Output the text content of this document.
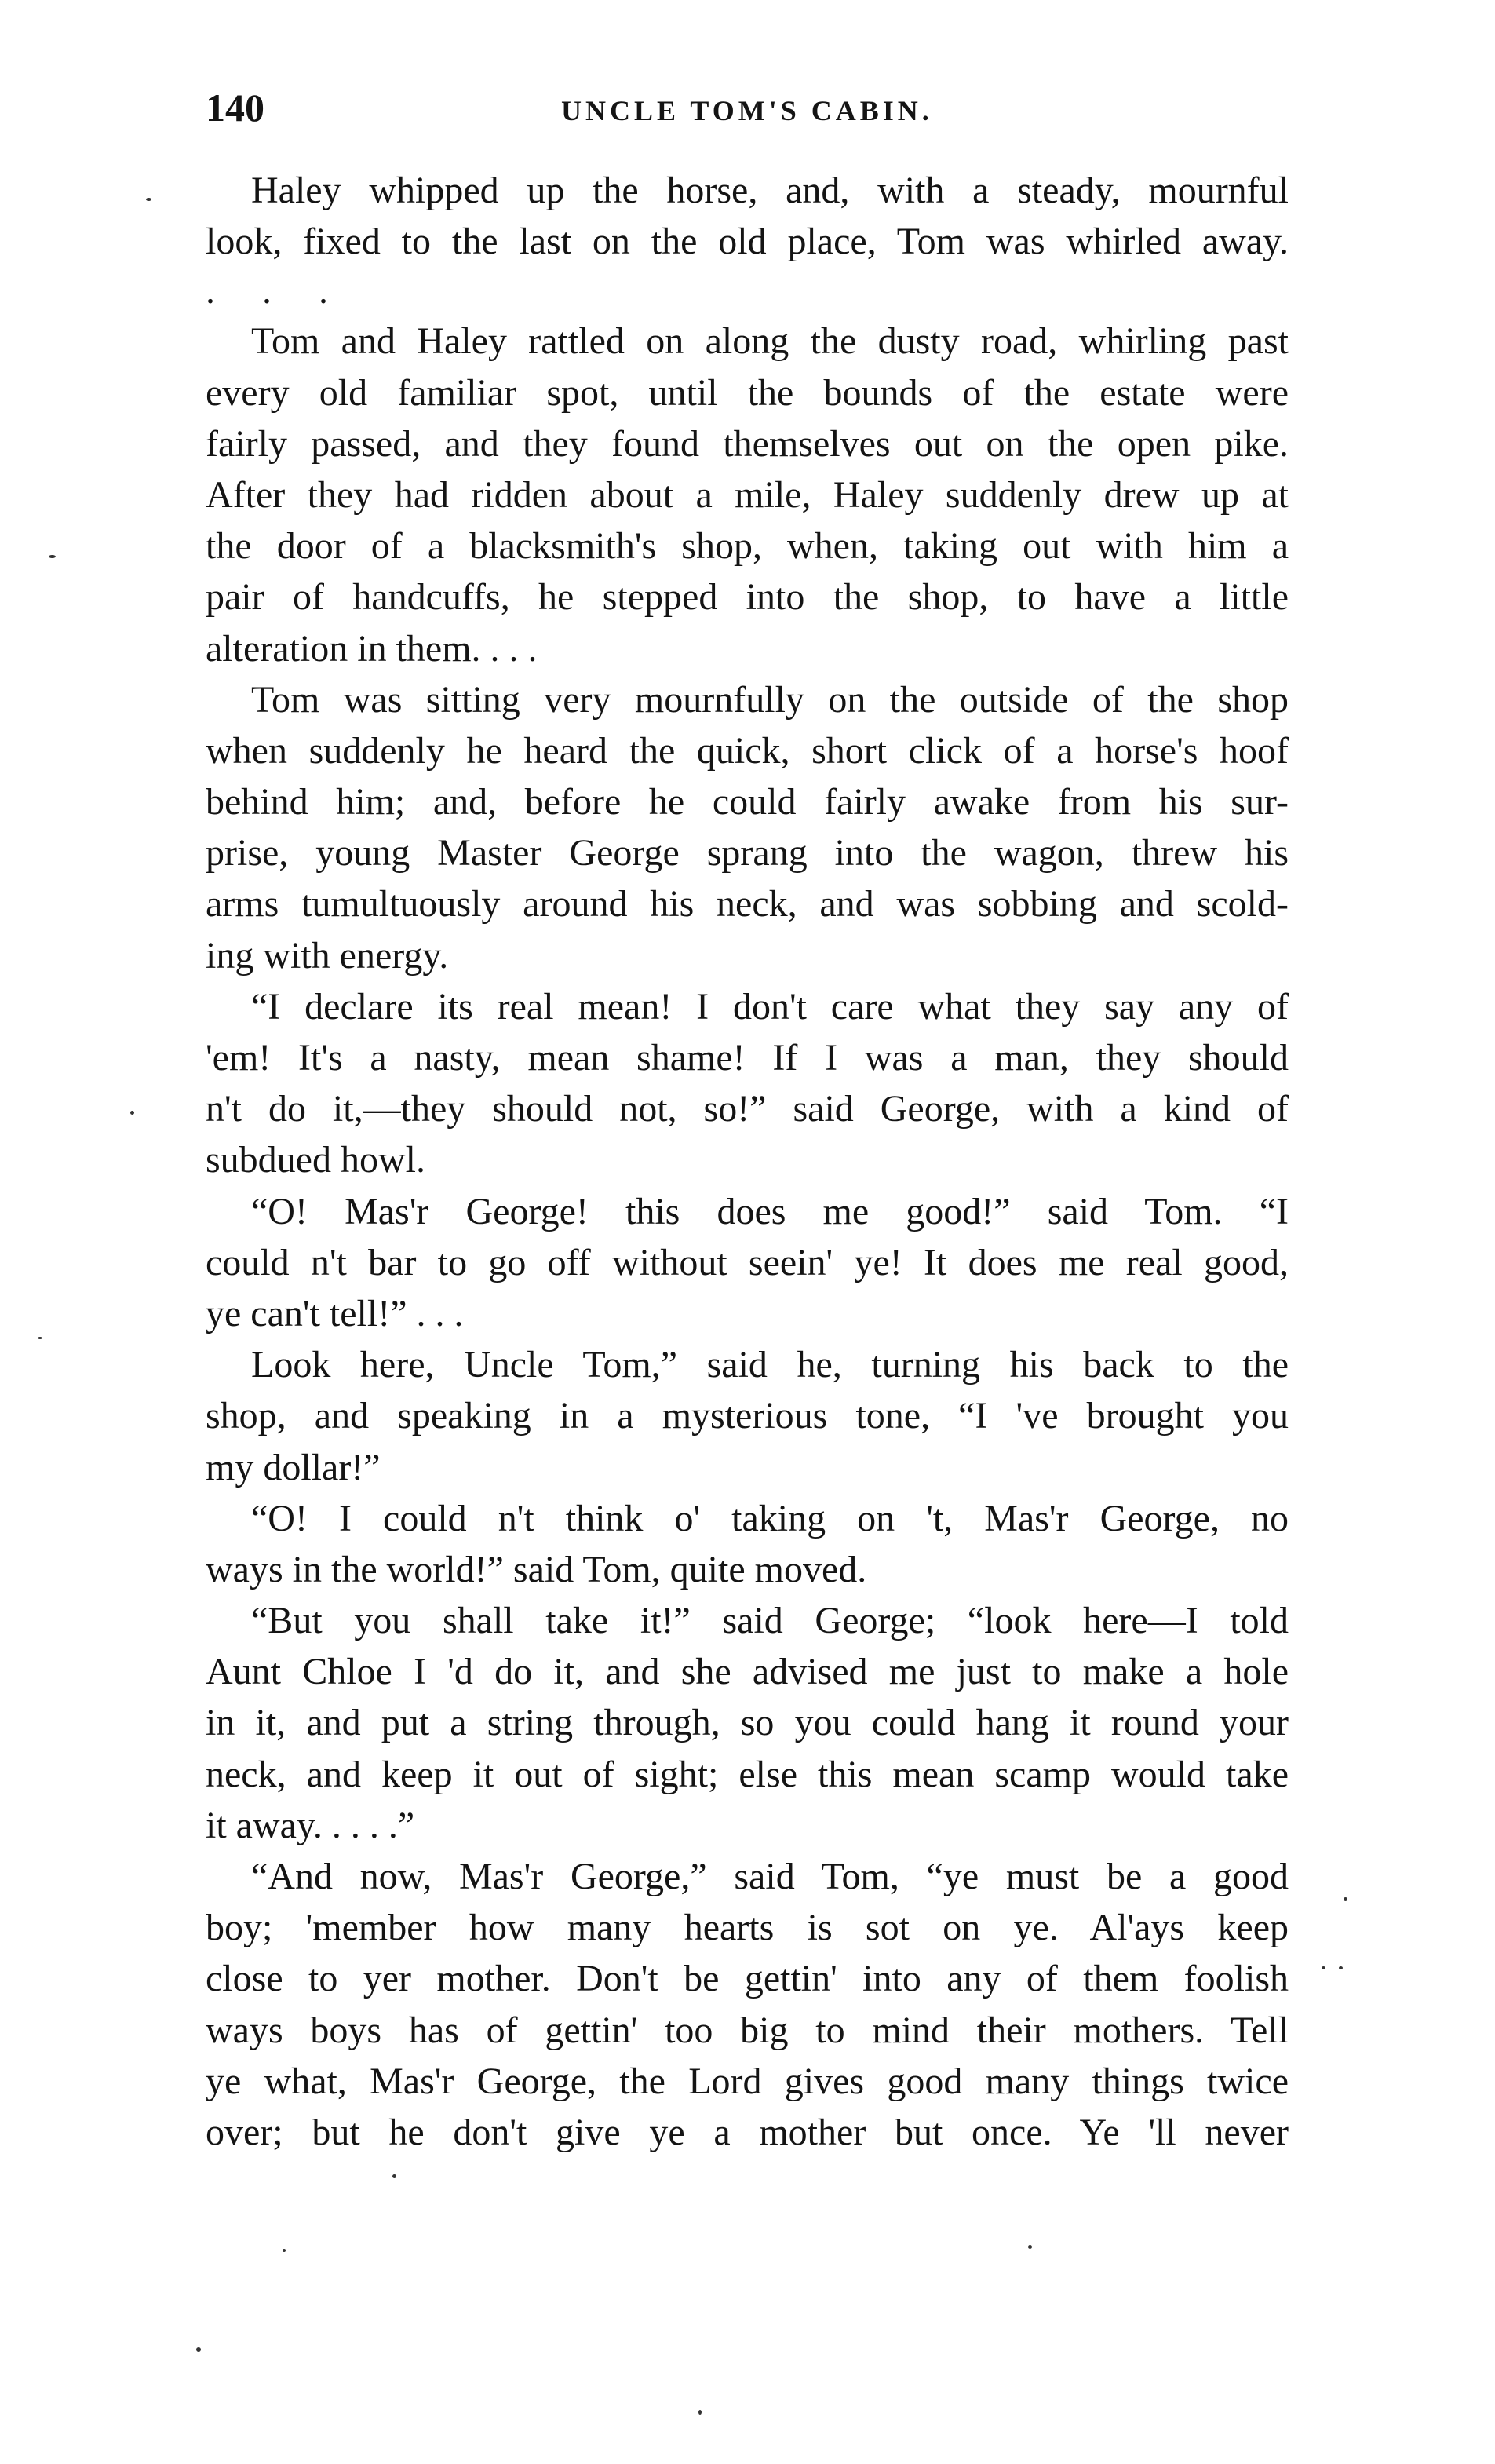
140	UNCLE TOM'S CABIN.
Haley whipped up the horse, and, with a steady, mournful
look, fixed to the last on the old place, Tom was whirled away.
. . .
Tom and Haley rattled on along the dusty road, whirling past
every old familiar spot, until the bounds of the estate were
fairly passed, and they found themselves out on the open pike.
After they had ridden about a mile, Haley suddenly drew up at
the door of a blacksmith's shop, when, taking out with him a
pair of handcuffs, he stepped into the shop, to have a little
alteration in them. . . .
Tom was sitting very mournfully on the outside of the shop
when suddenly he heard the quick, short click of a horse's hoof
behind him; and, before he could fairly awake from his sur-
prise, young Master George sprang into the wagon, threw his
arms tumultuously around his neck, and was sobbing and scold-
ing with energy.
“I declare its real mean! I don't care what they say any of
'em! It's a nasty, mean shame! If I was a man, they should
n't do it,—they should not, so!” said George, with a kind of
subdued howl.
“O! Mas'r George! this does me good!” said Tom. “I
could n't bar to go off without seein' ye! It does me real good,
ye can't tell!” . . .
Look here, Uncle Tom,” said he, turning his back to the
shop, and speaking in a mysterious tone, “I 've brought you
my dollar!”
“O! I could n't think o' taking on 't, Mas'r George, no
ways in the world!” said Tom, quite moved.
“But you shall take it!” said George; “look here—I told
Aunt Chloe I 'd do it, and she advised me just to make a hole
in it, and put a string through, so you could hang it round your
neck, and keep it out of sight; else this mean scamp would take
it away. . . . .”
“And now, Mas'r George,” said Tom, “ye must be a good
boy; 'member how many hearts is sot on ye. Al'ays keep
close to yer mother. Don't be gettin' into any of them foolish
ways boys has of gettin' too big to mind their mothers. Tell
ye what, Mas'r George, the Lord gives good many things twice
over; but he don't give ye a mother but once. Ye 'll never
